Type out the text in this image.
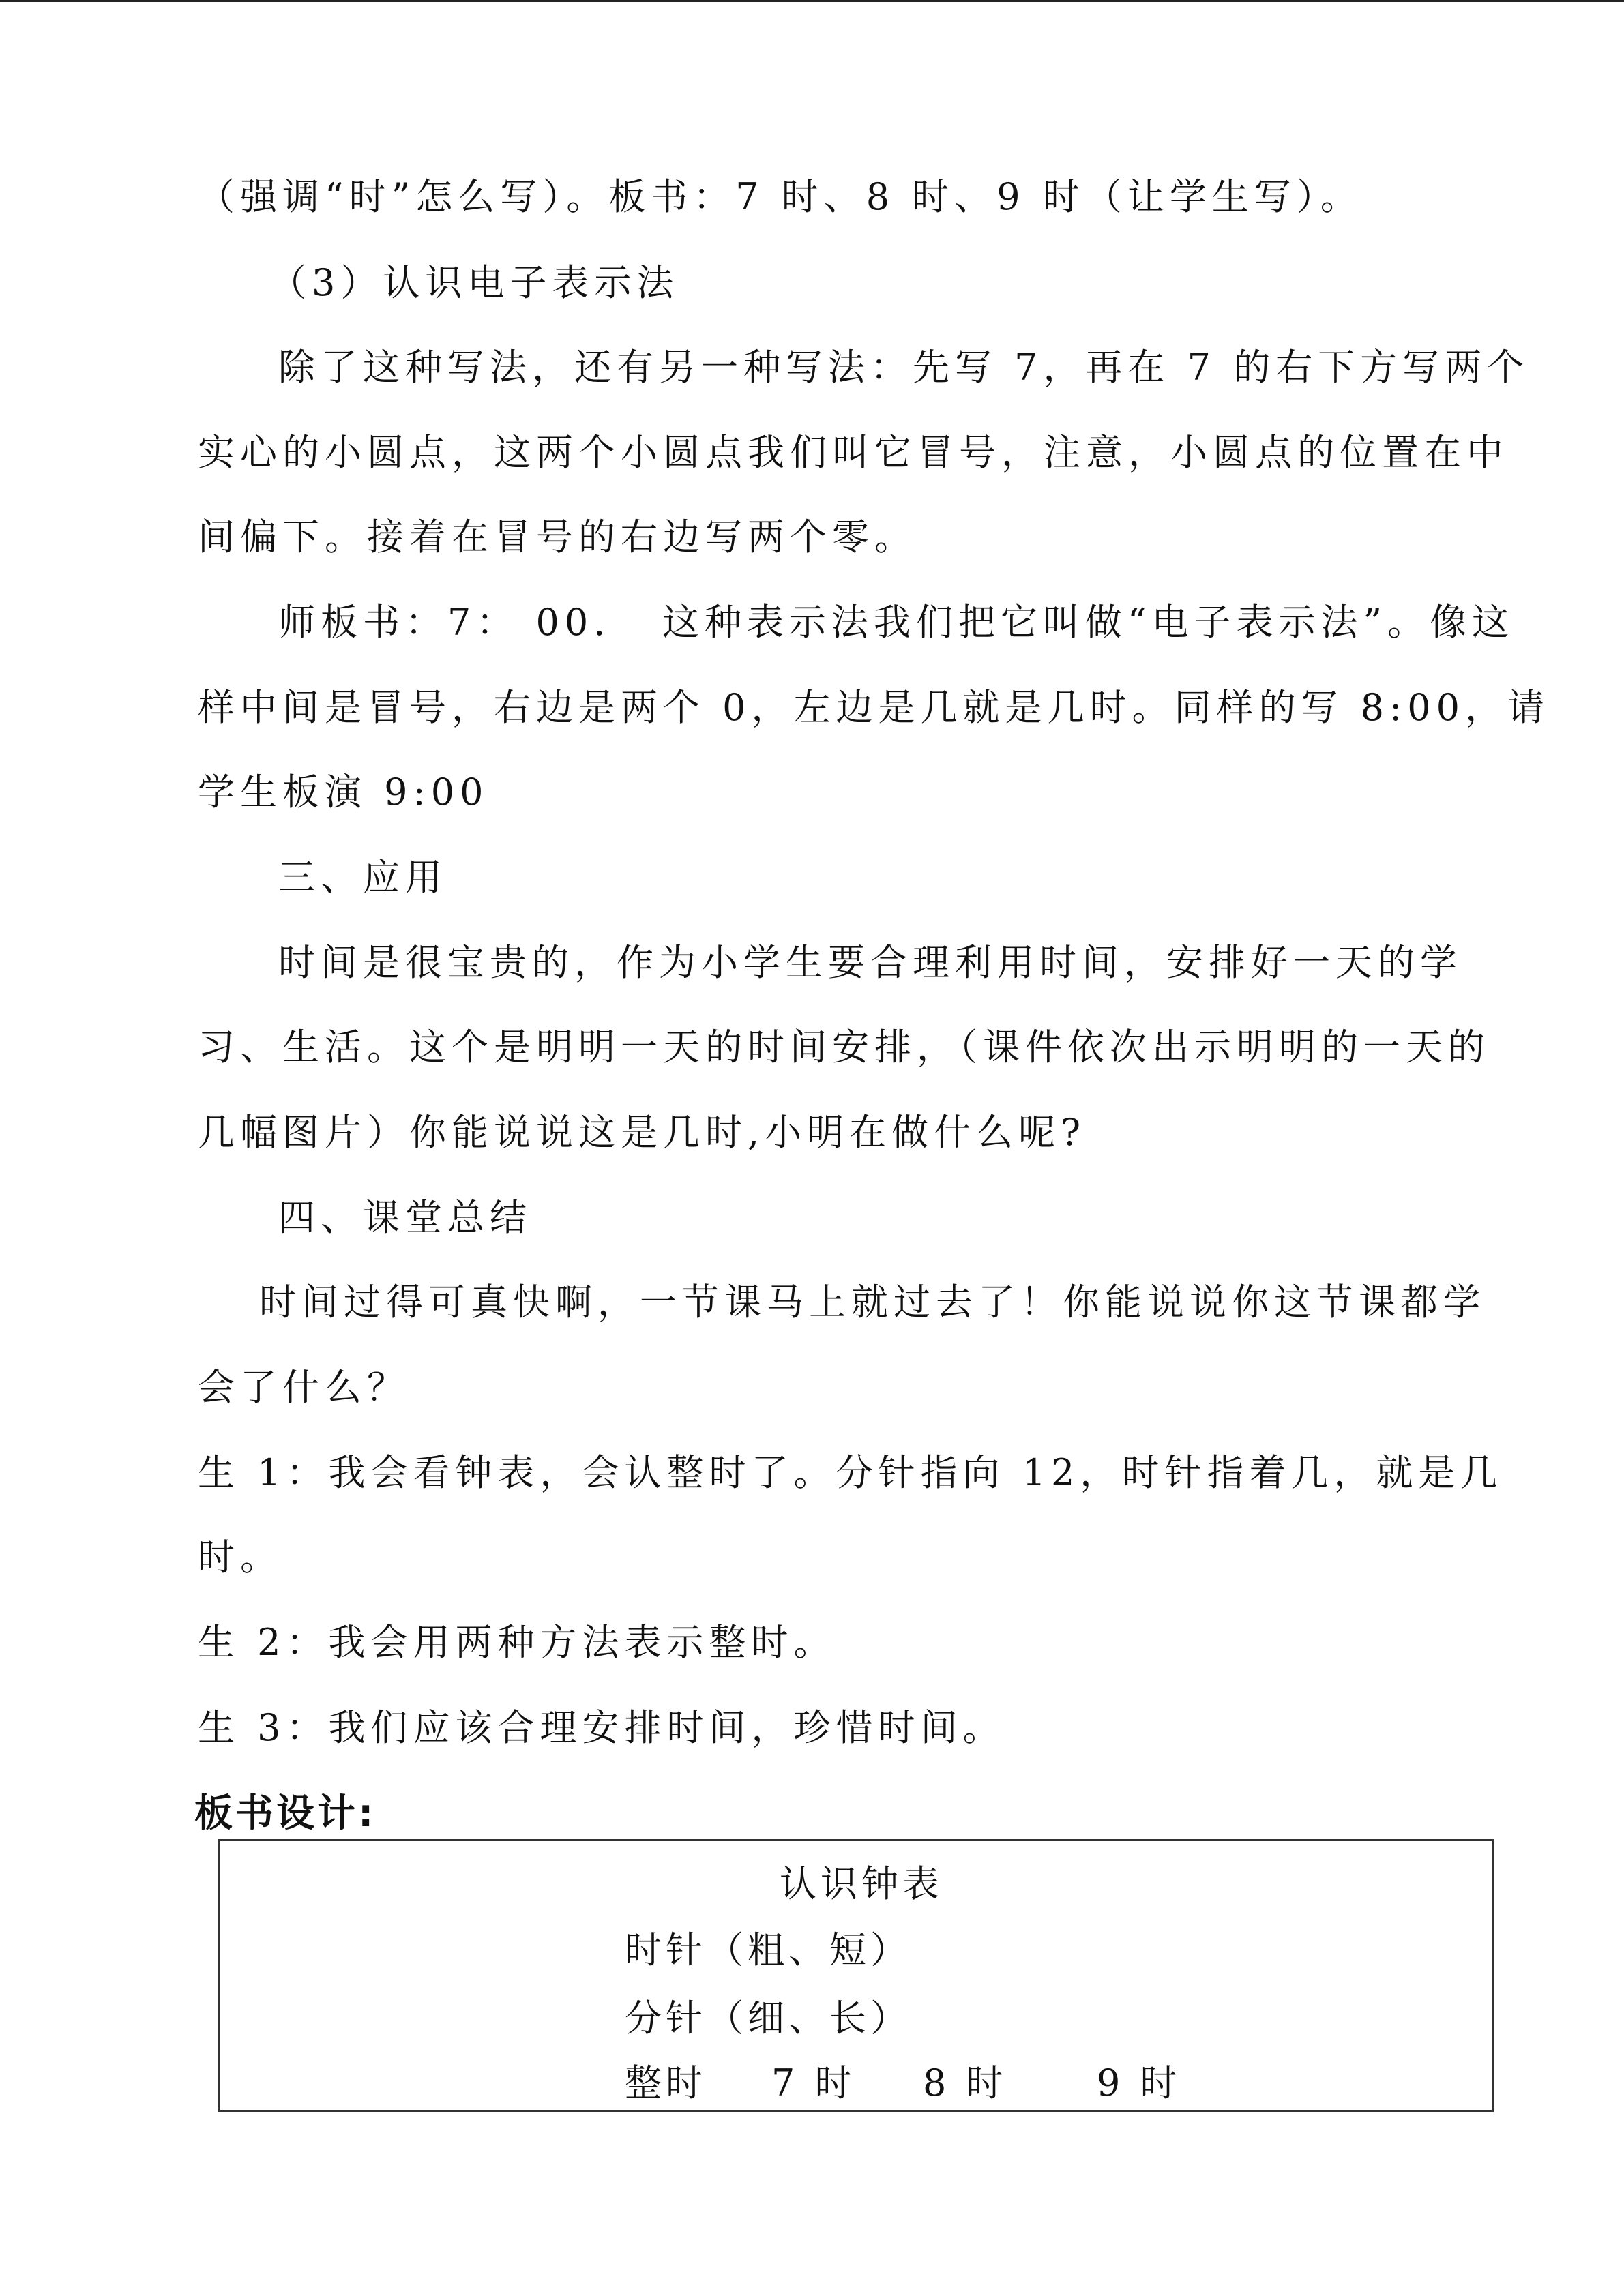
（强调“时”怎么写）。板书：7 时、8 时、9 时（让学生写）。
（3）认识电子表示法
除了这种写法，还有另一种写法：先写 7，再在 7 的右下方写两个
实心的小圆点，这两个小圆点我们叫它冒号，注意，小圆点的位置在中
间偏下。接着在冒号的右边写两个零。
师板书：7： 00.   这种表示法我们把它叫做“电子表示法”。像这
样中间是冒号，右边是两个 0，左边是几就是几时。同样的写 8:00，请
学生板演 9:00
三、应用
时间是很宝贵的，作为小学生要合理利用时间，安排好一天的学
习、生活。这个是明明一天的时间安排，（课件依次出示明明的一天的
几幅图片）你能说说这是几时,小明在做什么呢?
四、课堂总结
时间过得可真快啊，一节课马上就过去了！你能说说你这节课都学
会了什么？
生 1：我会看钟表，会认整时了。分针指向 12，时针指着几，就是几
时。
生 2：我会用两种方法表示整时。
生 3：我们应该合理安排时间，珍惜时间。
板书设计:
认识钟表
时针（粗、短）
分针（细、长）
整时 7 时 8 时 9 时
